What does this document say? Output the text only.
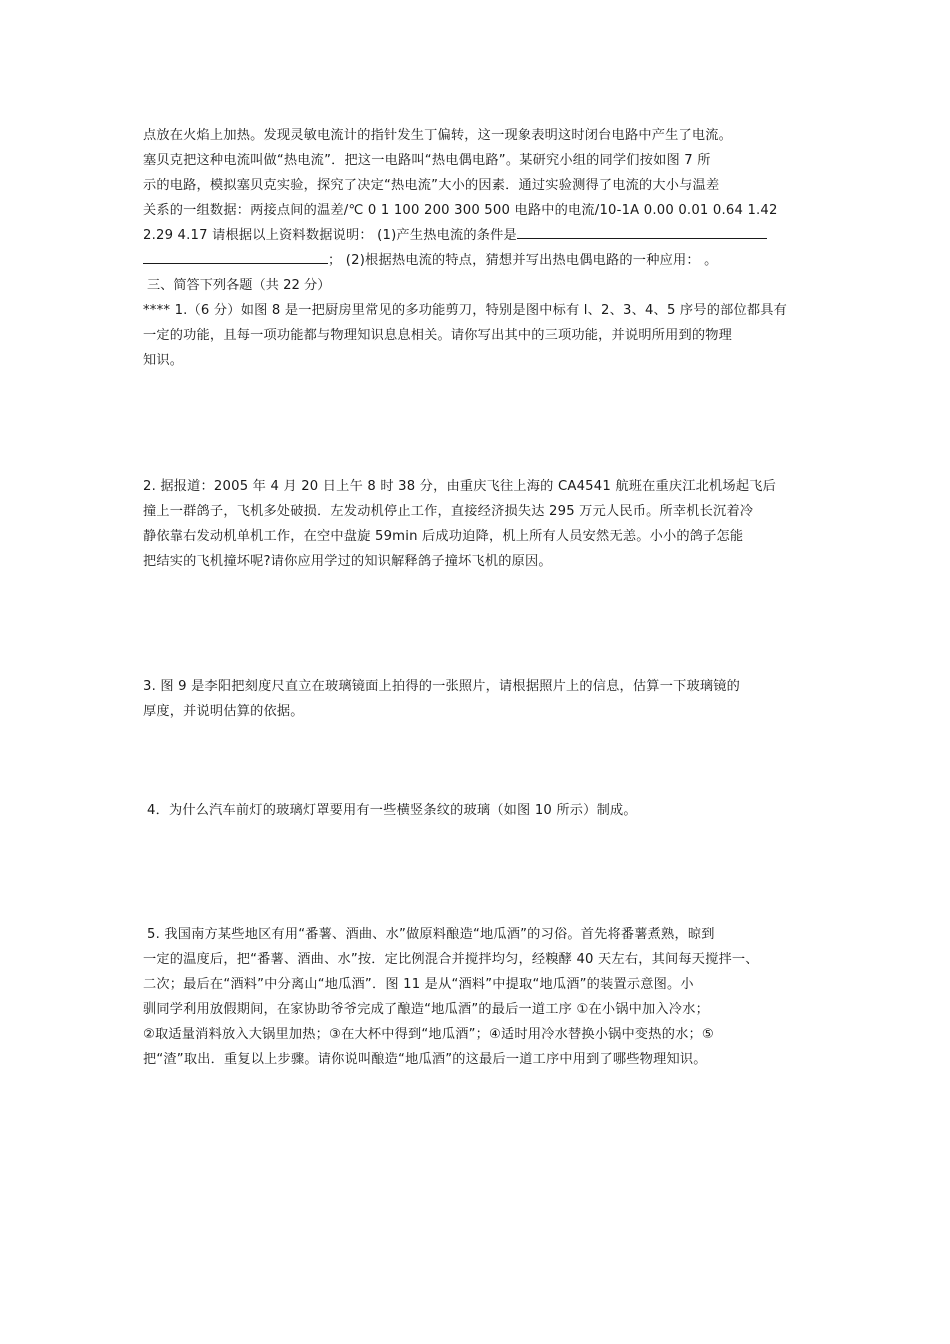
点放在火焰上加热。发现灵敏电流计的指针发生丁偏转，这一现象表明这时闭台电路中产生了电流。
塞贝克把这种电流叫做“热电流”．把这一电路叫“热电偶电路”。某研究小组的同学们按如图 7 所
示的电路，模拟塞贝克实验，探究了决定“热电流”大小的因素．通过实验测得了电流的大小与温差
关系的一组数据：两接点间的温差/℃ 0 1 100 200 300 500 电路中的电流/10-1A 0.00 0.01 0.64 1.42
2.29 4.17 请根据以上资料数据说明： (1)产生热电流的条件是
； (2)根据热电流的特点，猜想并写出热电偶电路的一种应用： 。
三、简答下列各题（共 22 分）
**** 1.（6 分）如图 8 是一把厨房里常见的多功能剪刀，特别是图中标有 l、2、3、4、5 序号的部位都具有
一定的功能，且每一项功能都与物理知识息息相关。请你写出其中的三项功能，并说明所用到的物理
知识。
2. 据报道：2005 年 4 月 20 日上午 8 时 38 分，由重庆飞往上海的 CA4541 航班在重庆江北机场起飞后
撞上一群鸽子，飞机多处破损．左发动机停止工作，直接经济损失达 295 万元人民币。所幸机长沉着冷
静依靠右发动机单机工作，在空中盘旋 59min 后成功迫降，机上所有人员安然无恙。小小的鸽子怎能
把结实的飞机撞坏呢?请你应用学过的知识解释鸽子撞坏飞机的原因。
3. 图 9 是李阳把刻度尺直立在玻璃镜面上拍得的一张照片，请根据照片上的信息，估算一下玻璃镜的
厚度，并说明估算的依据。
4．为什么汽车前灯的玻璃灯罩要用有一些横竖条纹的玻璃（如图 10 所示）制成。
5. 我国南方某些地区有用“番薯、酒曲、水”做原料酿造“地瓜酒”的习俗。首先将番薯煮熟，晾到
一定的温度后，把“番薯、酒曲、水”按．定比例混合并搅拌均匀，经糗酵 40 天左右，其间每天搅拌一、
二次；最后在“酒料”中分离山“地瓜酒”．图 11 是从“酒料”中提取“地瓜酒”的装置示意图。小
驯同学利用放假期间，在家协助爷爷完成了酿造“地瓜酒”的最后一道工序 ①在小锅中加入冷水；
②取适量消料放入大锅里加热；③在大杯中得到“地瓜酒”；④适时用冷水替换小锅中变热的水；⑤
把“渣”取出．重复以上步骤。请你说叫酿造“地瓜酒”的这最后一道工序中用到了哪些物理知识。
